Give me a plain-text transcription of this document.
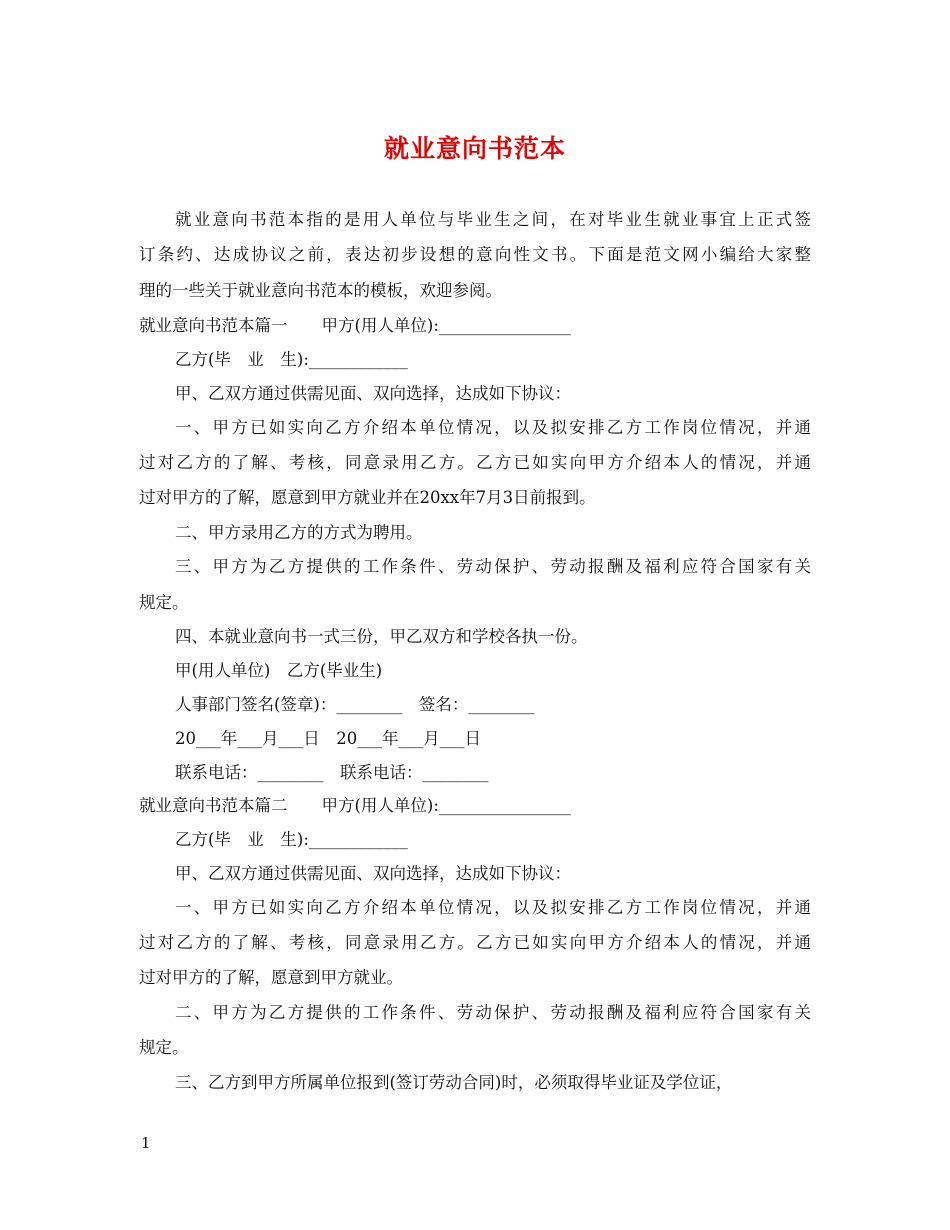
就业意向书范本
就业意向书范本指的是用人单位与毕业生之间，在对毕业生就业事宜上正式签
订条约、达成协议之前，表达初步设想的意向性文书。下面是范文网小编给大家整
理的一些关于就业意向书范本的模板，欢迎参阅。
就业意向书范本篇一 甲方(用人单位):________________
乙方(毕　业　生):____________
甲、乙双方通过供需见面、双向选择，达成如下协议：
一、甲方已如实向乙方介绍本单位情况，以及拟安排乙方工作岗位情况，并通
过对乙方的了解、考核，同意录用乙方。乙方已如实向甲方介绍本人的情况，并通
过对甲方的了解，愿意到甲方就业并在20xx年7月3日前报到。
二、甲方录用乙方的方式为聘用。
三、甲方为乙方提供的工作条件、劳动保护、劳动报酬及福利应符合国家有关
规定。
四、本就业意向书一式三份，甲乙双方和学校各执一份。
甲(用人单位)　乙方(毕业生)
人事部门签名(签章)：________　签名：________
20___年___月___日　20___年___月___日
联系电话：________　联系电话：________
就业意向书范本篇二 甲方(用人单位):________________
乙方(毕　业　生):____________
甲、乙双方通过供需见面、双向选择，达成如下协议：
一、甲方已如实向乙方介绍本单位情况，以及拟安排乙方工作岗位情况，并通
过对乙方的了解、考核，同意录用乙方。乙方已如实向甲方介绍本人的情况，并通
过对甲方的了解，愿意到甲方就业。
二、甲方为乙方提供的工作条件、劳动保护、劳动报酬及福利应符合国家有关
规定。
三、乙方到甲方所属单位报到(签订劳动合同)时，必须取得毕业证及学位证，
1
